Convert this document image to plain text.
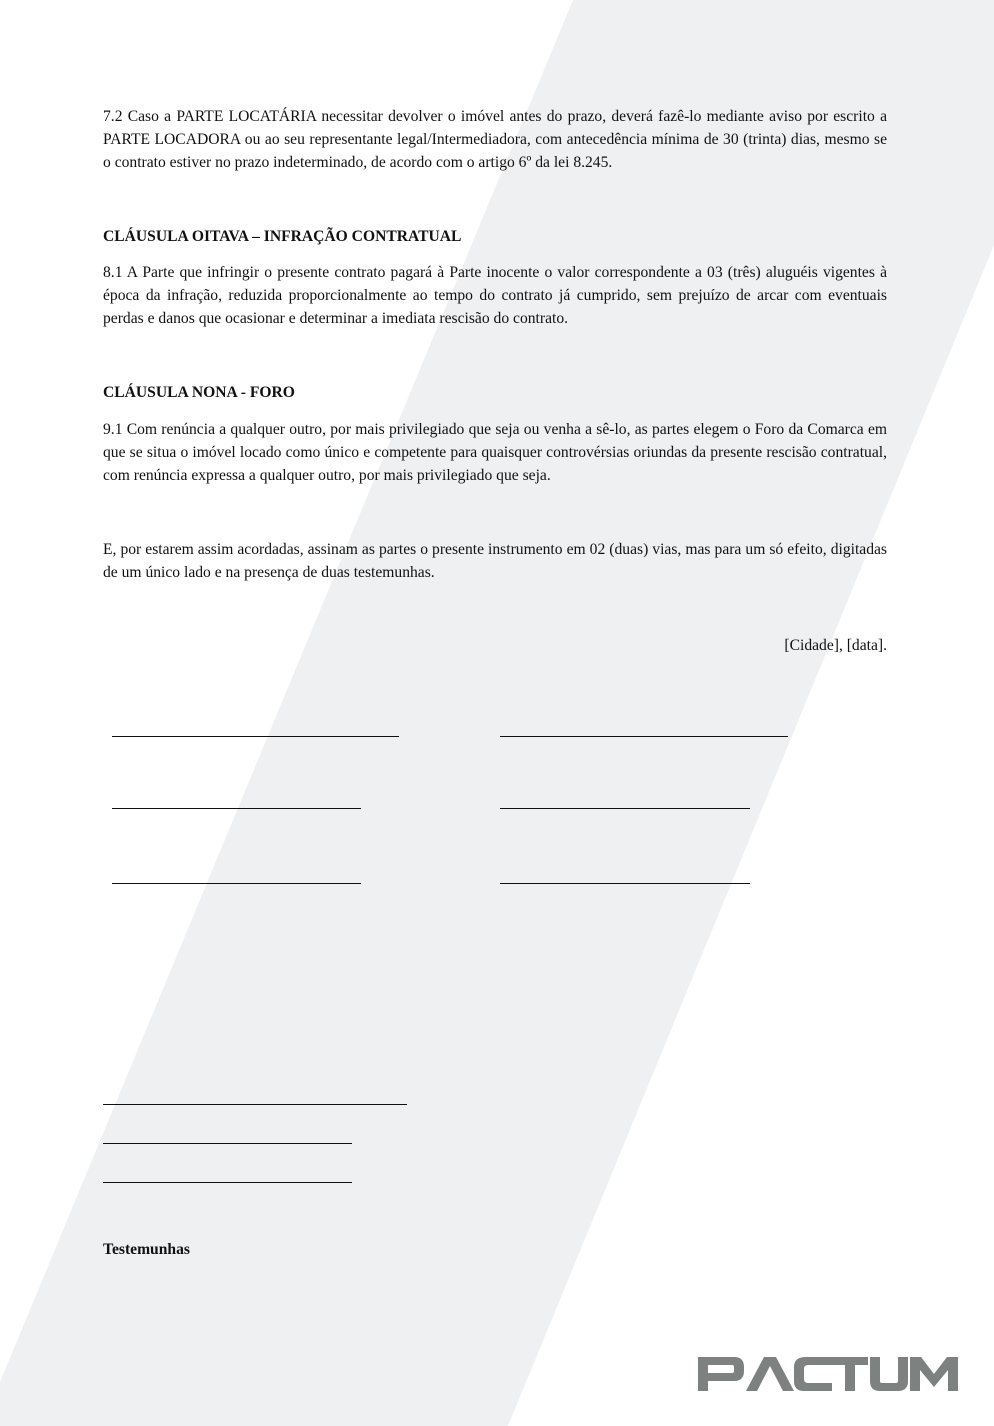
7.2 Caso a PARTE LOCATÁRIA necessitar devolver o imóvel antes do prazo, deverá fazê-lo mediante aviso por escrito a PARTE LOCADORA ou ao seu representante legal/Intermediadora, com antecedência mínima de 30 (trinta) dias, mesmo se o contrato estiver no prazo indeterminado, de acordo com o artigo 6º da lei 8.245.

CLÁUSULA OITAVA – INFRAÇÃO CONTRATUAL

8.1 A Parte que infringir o presente contrato pagará à Parte inocente o valor correspondente a 03 (três) aluguéis vigentes à época da infração, reduzida proporcionalmente ao tempo do contrato já cumprido, sem prejuízo de arcar com eventuais perdas e danos que ocasionar e determinar a imediata rescisão do contrato.

CLÁUSULA NONA - FORO

9.1 Com renúncia a qualquer outro, por mais privilegiado que seja ou venha a sê-lo, as partes elegem o Foro da Comarca em que se situa o imóvel locado como único e competente para quaisquer controvérsias oriundas da presente rescisão contratual, com renúncia expressa a qualquer outro, por mais privilegiado que seja.

E, por estarem assim acordadas, assinam as partes o presente instrumento em 02 (duas) vias, mas para um só efeito, digitadas de um único lado e na presença de duas testemunhas.

[Cidade], [data].
Testemunhas
